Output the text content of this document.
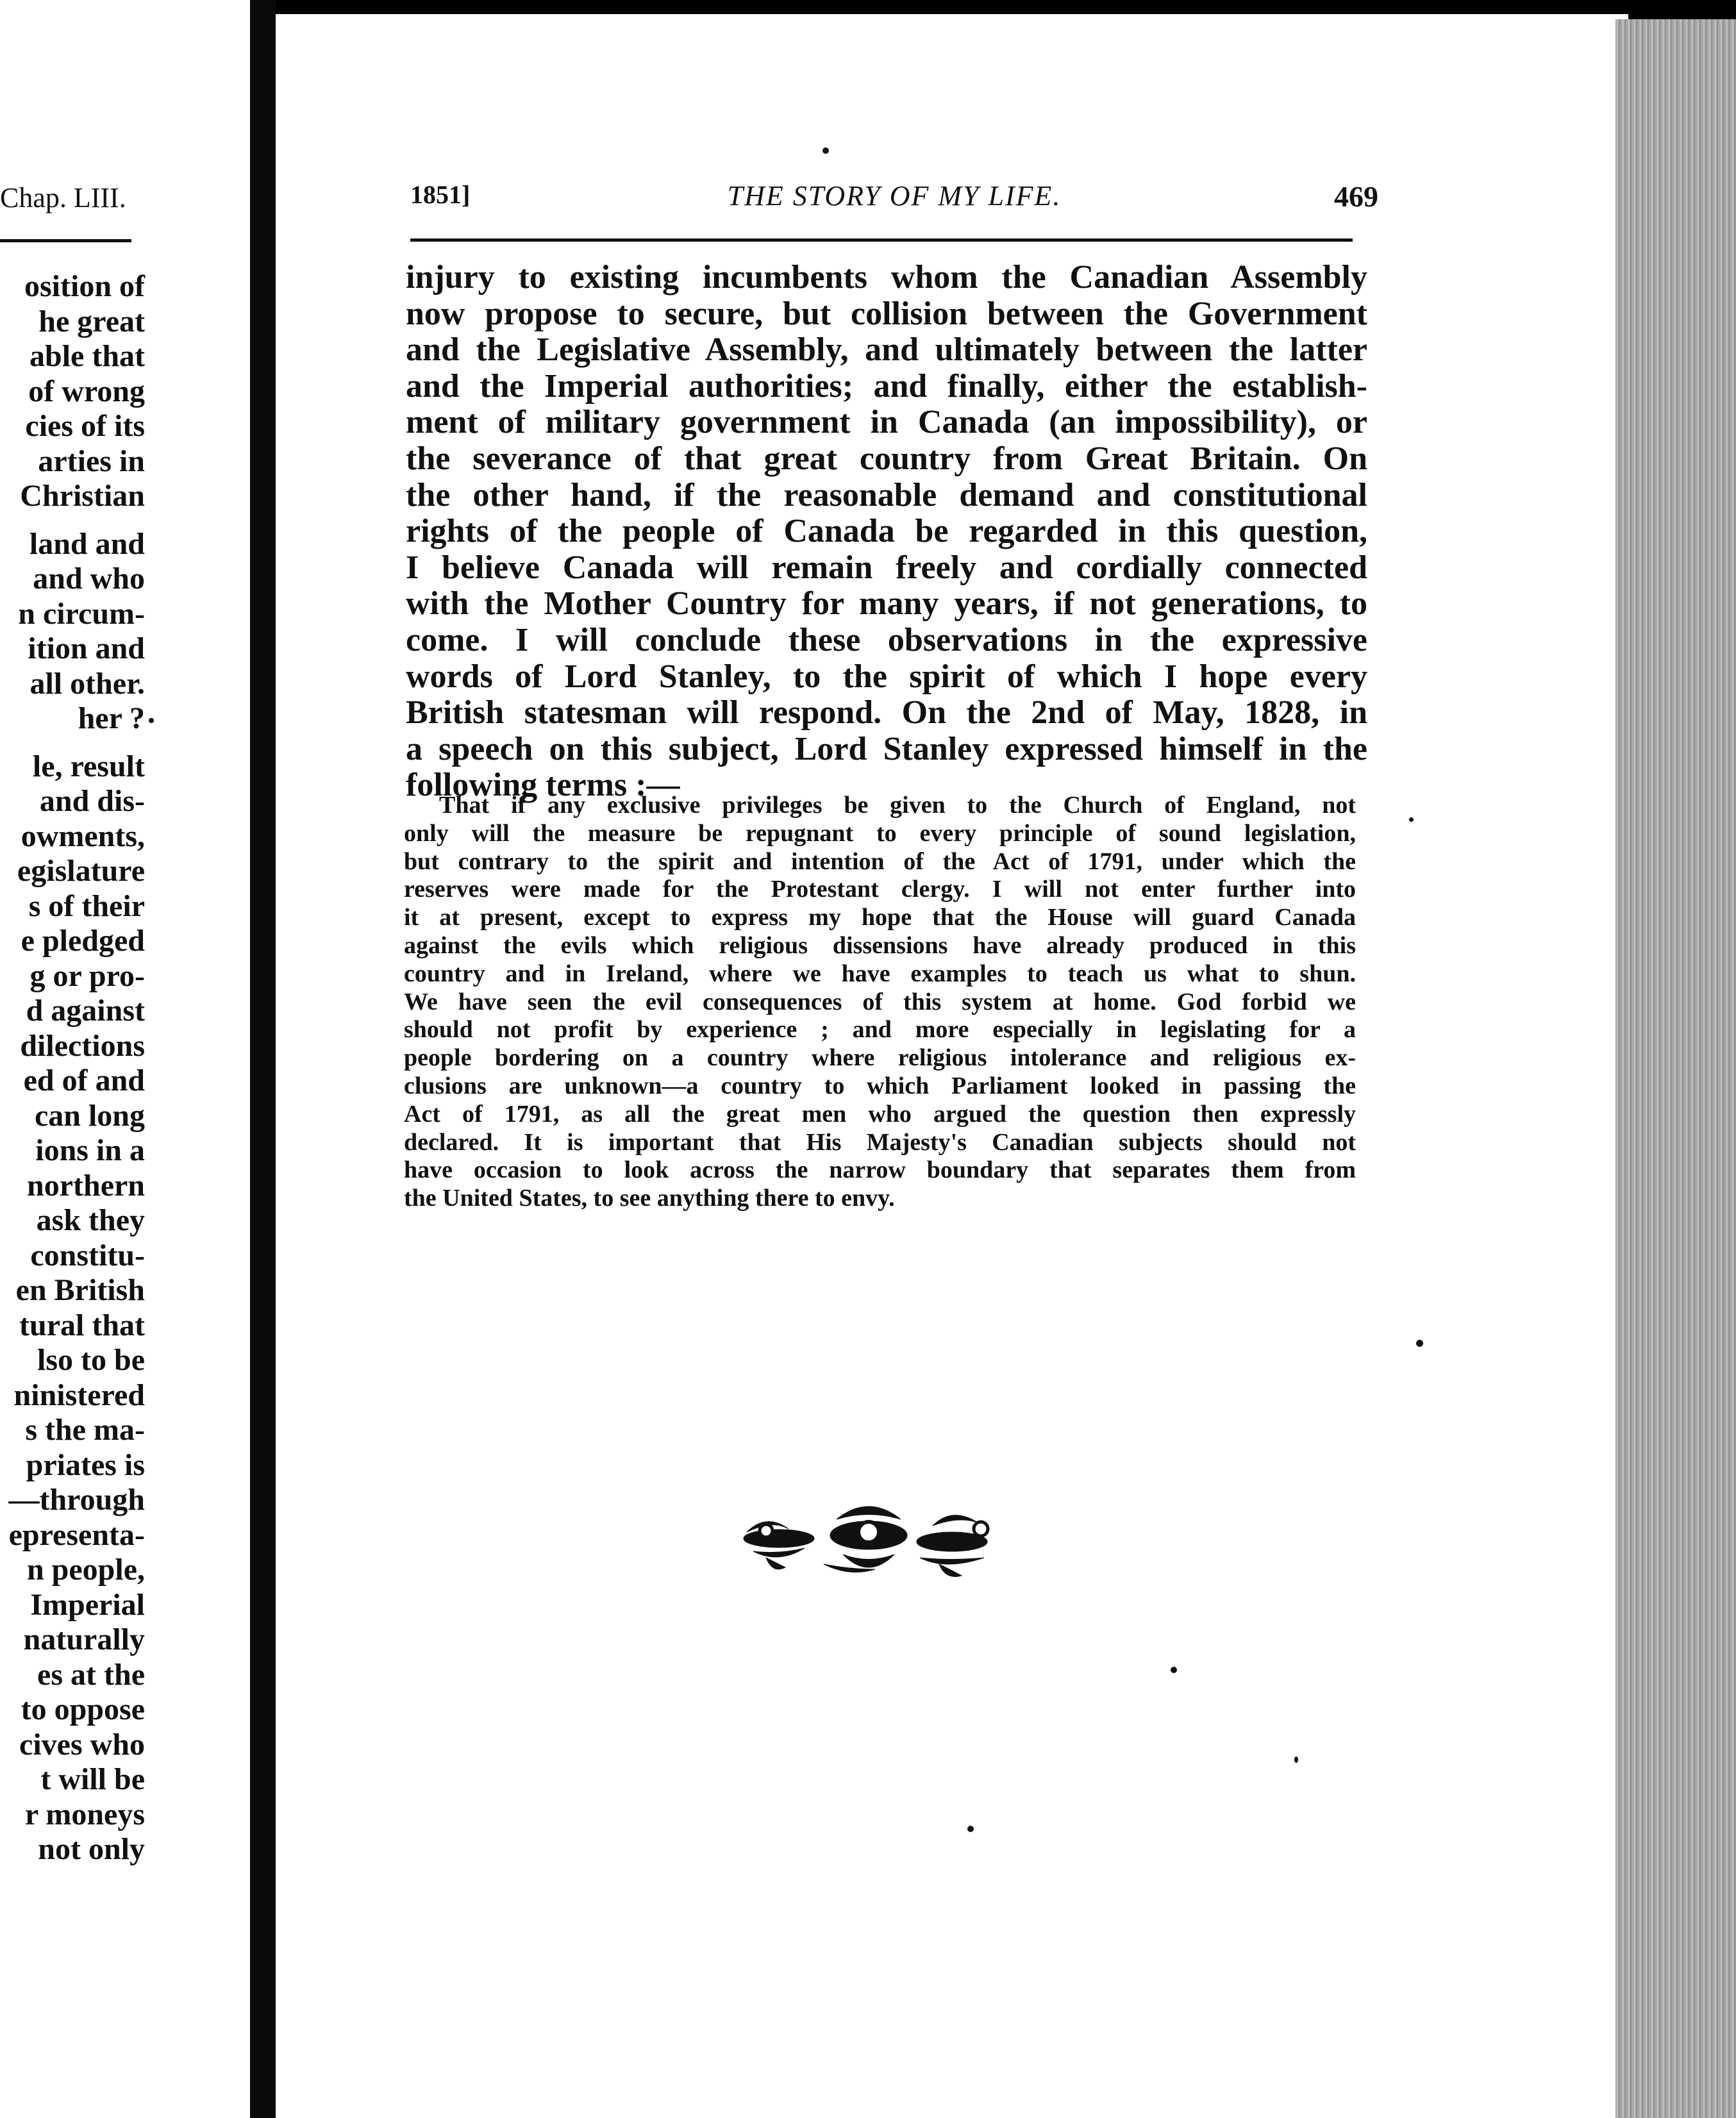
Chap. LIII.
osition of
he great
able that
of wrong
cies of its
arties in
Christian
land and
and who
n circum-
ition and
all other.
her ?
le, result
and dis-
owments,
egislature
s of their
e pledged
g or pro-
d against
dilections
ed of and
can long
ions in a
northern
ask they
constitu-
en British
tural that
lso to be
ninistered
s the ma-
priates is
—through
epresenta-
n people,
Imperial
naturally
es at the
to oppose
cives who
t will be
r moneys
not only
1851]	THE STORY OF MY LIFE.	469
injury to existing incumbents whom the Canadian Assembly
now propose to secure, but collision between the Government
and the Legislative Assembly, and ultimately between the latter
and the Imperial authorities; and finally, either the establish-
ment of military government in Canada (an impossibility), or
the severance of that great country from Great Britain. On
the other hand, if the reasonable demand and constitutional
rights of the people of Canada be regarded in this question,
I believe Canada will remain freely and cordially connected
with the Mother Country for many years, if not generations, to
come. I will conclude these observations in the expressive
words of Lord Stanley, to the spirit of which I hope every
British statesman will respond. On the 2nd of May, 1828, in
a speech on this subject, Lord Stanley expressed himself in the
following terms :—
That if any exclusive privileges be given to the Church of England, not
only will the measure be repugnant to every principle of sound legislation,
but contrary to the spirit and intention of the Act of 1791, under which the
reserves were made for the Protestant clergy. I will not enter further into
it at present, except to express my hope that the House will guard Canada
against the evils which religious dissensions have already produced in this
country and in Ireland, where we have examples to teach us what to shun.
We have seen the evil consequences of this system at home. God forbid we
should not profit by experience ; and more especially in legislating for a
people bordering on a country where religious intolerance and religious ex-
clusions are unknown—a country to which Parliament looked in passing the
Act of 1791, as all the great men who argued the question then expressly
declared. It is important that His Majesty's Canadian subjects should not
have occasion to look across the narrow boundary that separates them from
the United States, to see anything there to envy.
